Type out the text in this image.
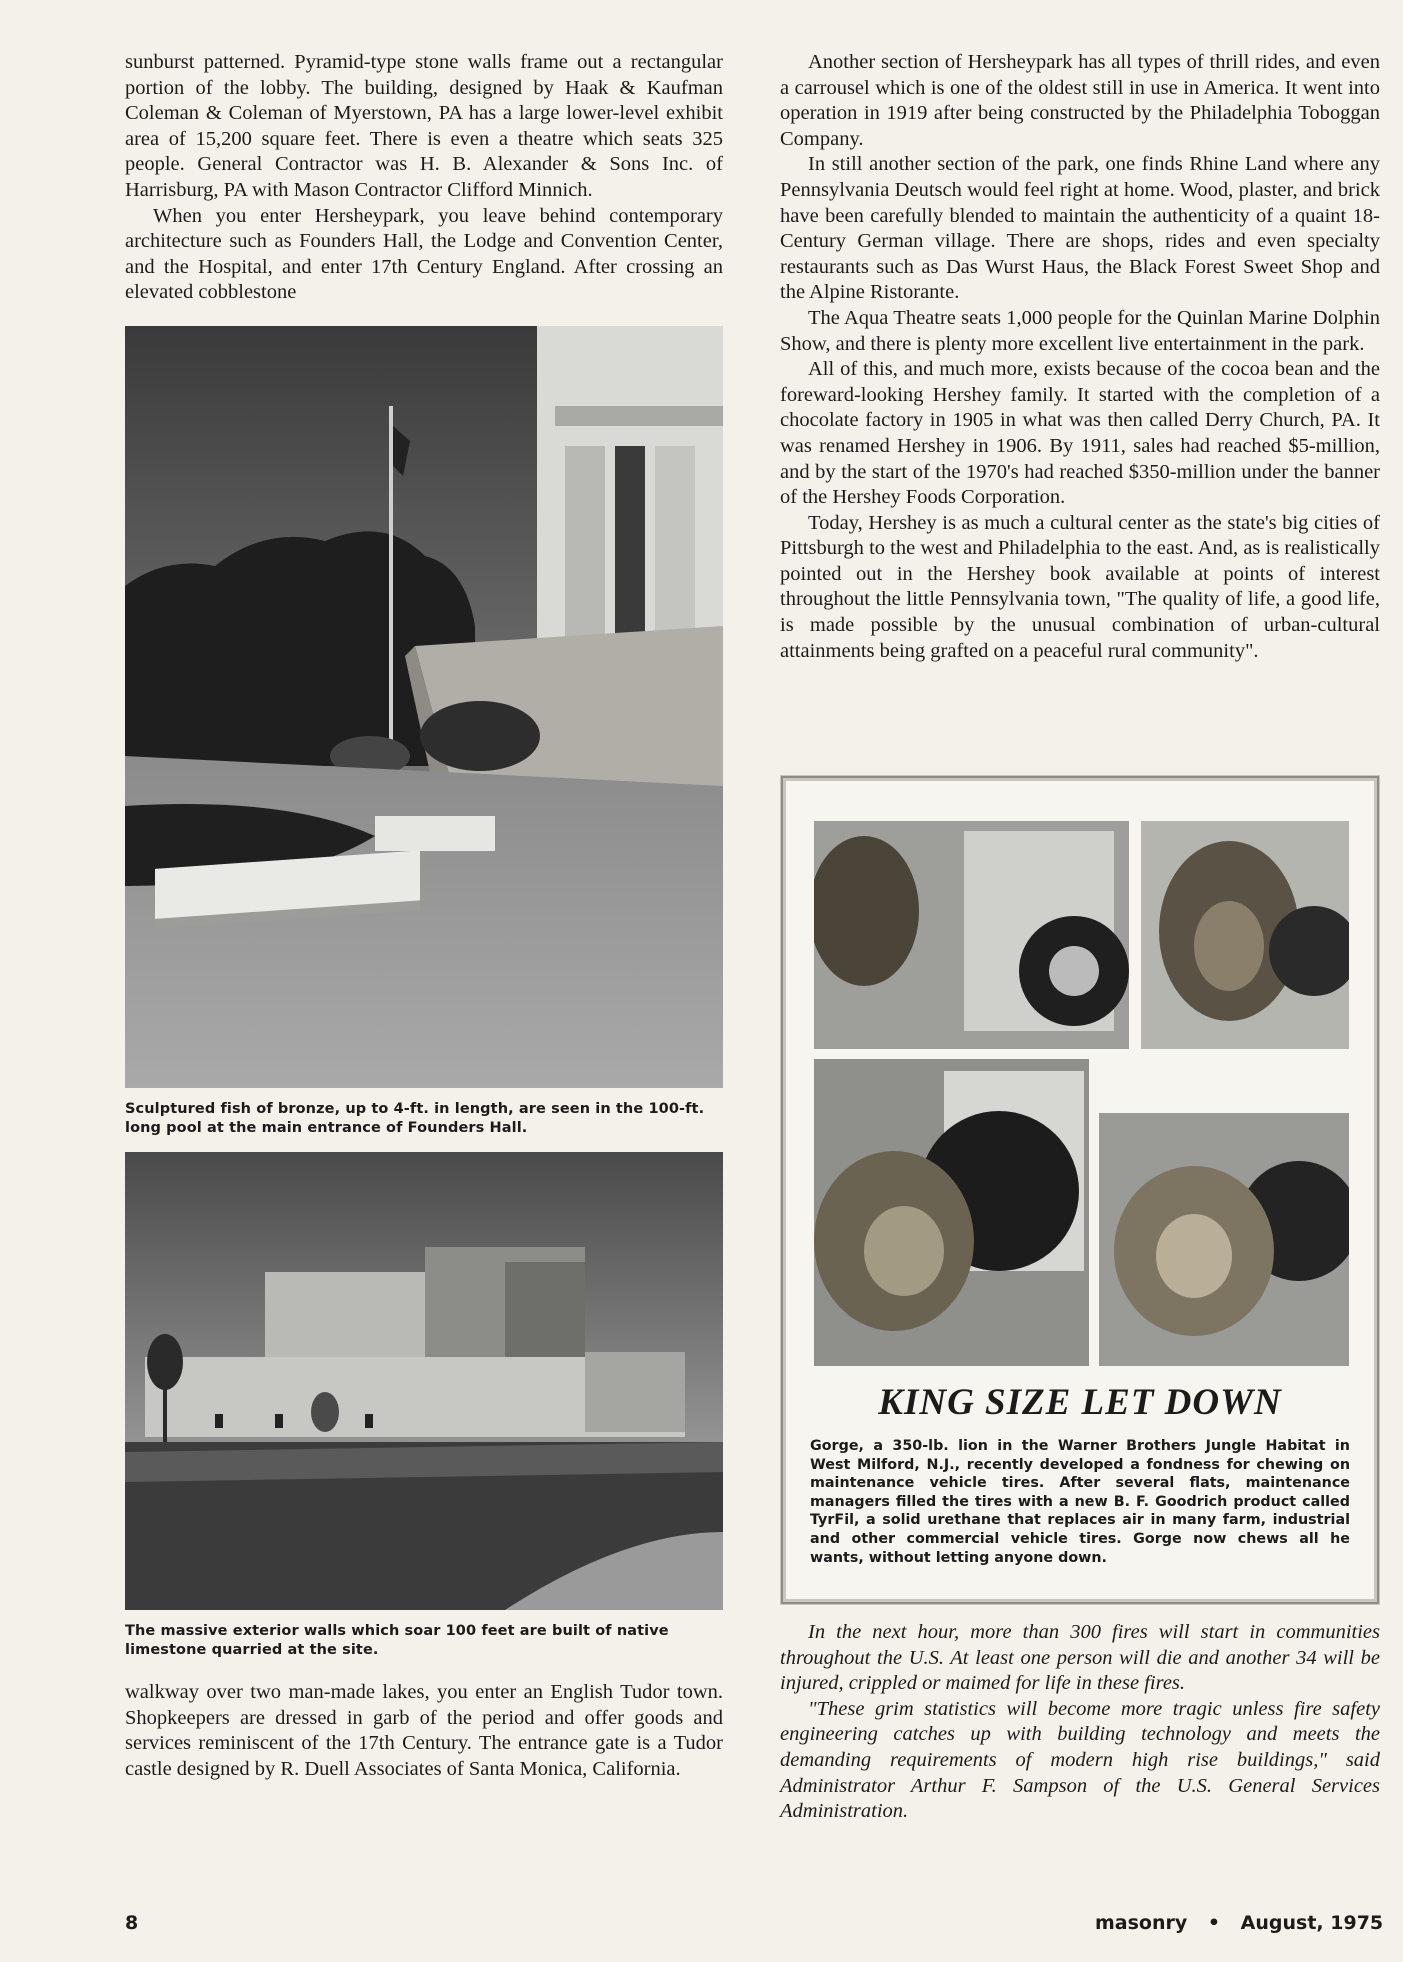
sunburst patterned. Pyramid-type stone walls frame out a rectangular portion of the lobby. The building, designed by Haak & Kaufman Coleman & Coleman of Myerstown, PA has a large lower-level exhibit area of 15,200 square feet. There is even a theatre which seats 325 people. General Contractor was H. B. Alexander & Sons Inc. of Harrisburg, PA with Mason Contractor Clifford Minnich.

When you enter Hersheypark, you leave behind contemporary architecture such as Founders Hall, the Lodge and Convention Center, and the Hospital, and enter 17th Century England. After crossing an elevated cobblestone

Sculptured fish of bronze, up to 4-ft. in length, are seen in the 100-ft. long pool at the main entrance of Founders Hall.

The massive exterior walls which soar 100 feet are built of native limestone quarried at the site.

walkway over two man-made lakes, you enter an English Tudor town. Shopkeepers are dressed in garb of the period and offer goods and services reminiscent of the 17th Century. The entrance gate is a Tudor castle designed by R. Duell Associates of Santa Monica, California.

Another section of Hersheypark has all types of thrill rides, and even a carrousel which is one of the oldest still in use in America. It went into operation in 1919 after being constructed by the Philadelphia Toboggan Company.

In still another section of the park, one finds Rhine Land where any Pennsylvania Deutsch would feel right at home. Wood, plaster, and brick have been carefully blended to maintain the authenticity of a quaint 18-Century German village. There are shops, rides and even specialty restaurants such as Das Wurst Haus, the Black Forest Sweet Shop and the Alpine Ristorante.

The Aqua Theatre seats 1,000 people for the Quinlan Marine Dolphin Show, and there is plenty more excellent live entertainment in the park.

All of this, and much more, exists because of the cocoa bean and the foreward-looking Hershey family. It started with the completion of a chocolate factory in 1905 in what was then called Derry Church, PA. It was renamed Hershey in 1906. By 1911, sales had reached $5-million, and by the start of the 1970's had reached $350-million under the banner of the Hershey Foods Corporation.

Today, Hershey is as much a cultural center as the state's big cities of Pittsburgh to the west and Philadelphia to the east. And, as is realistically pointed out in the Hershey book available at points of interest throughout the little Pennsylvania town, "The quality of life, a good life, is made possible by the unusual combination of urban-cultural attainments being grafted on a peaceful rural community".

KING SIZE LET DOWN

Gorge, a 350-lb. lion in the Warner Brothers Jungle Habitat in West Milford, N.J., recently developed a fondness for chewing on maintenance vehicle tires. After several flats, maintenance managers filled the tires with a new B. F. Goodrich product called TyrFil, a solid urethane that replaces air in many farm, industrial and other commercial vehicle tires. Gorge now chews all he wants, without letting anyone down.

In the next hour, more than 300 fires will start in communities throughout the U.S. At least one person will die and another 34 will be injured, crippled or maimed for life in these fires.

"These grim statistics will become more tragic unless fire safety engineering catches up with building technology and meets the demanding requirements of modern high rise buildings," said Administrator Arthur F. Sampson of the U.S. General Services Administration.

8	masonry • August, 1975
